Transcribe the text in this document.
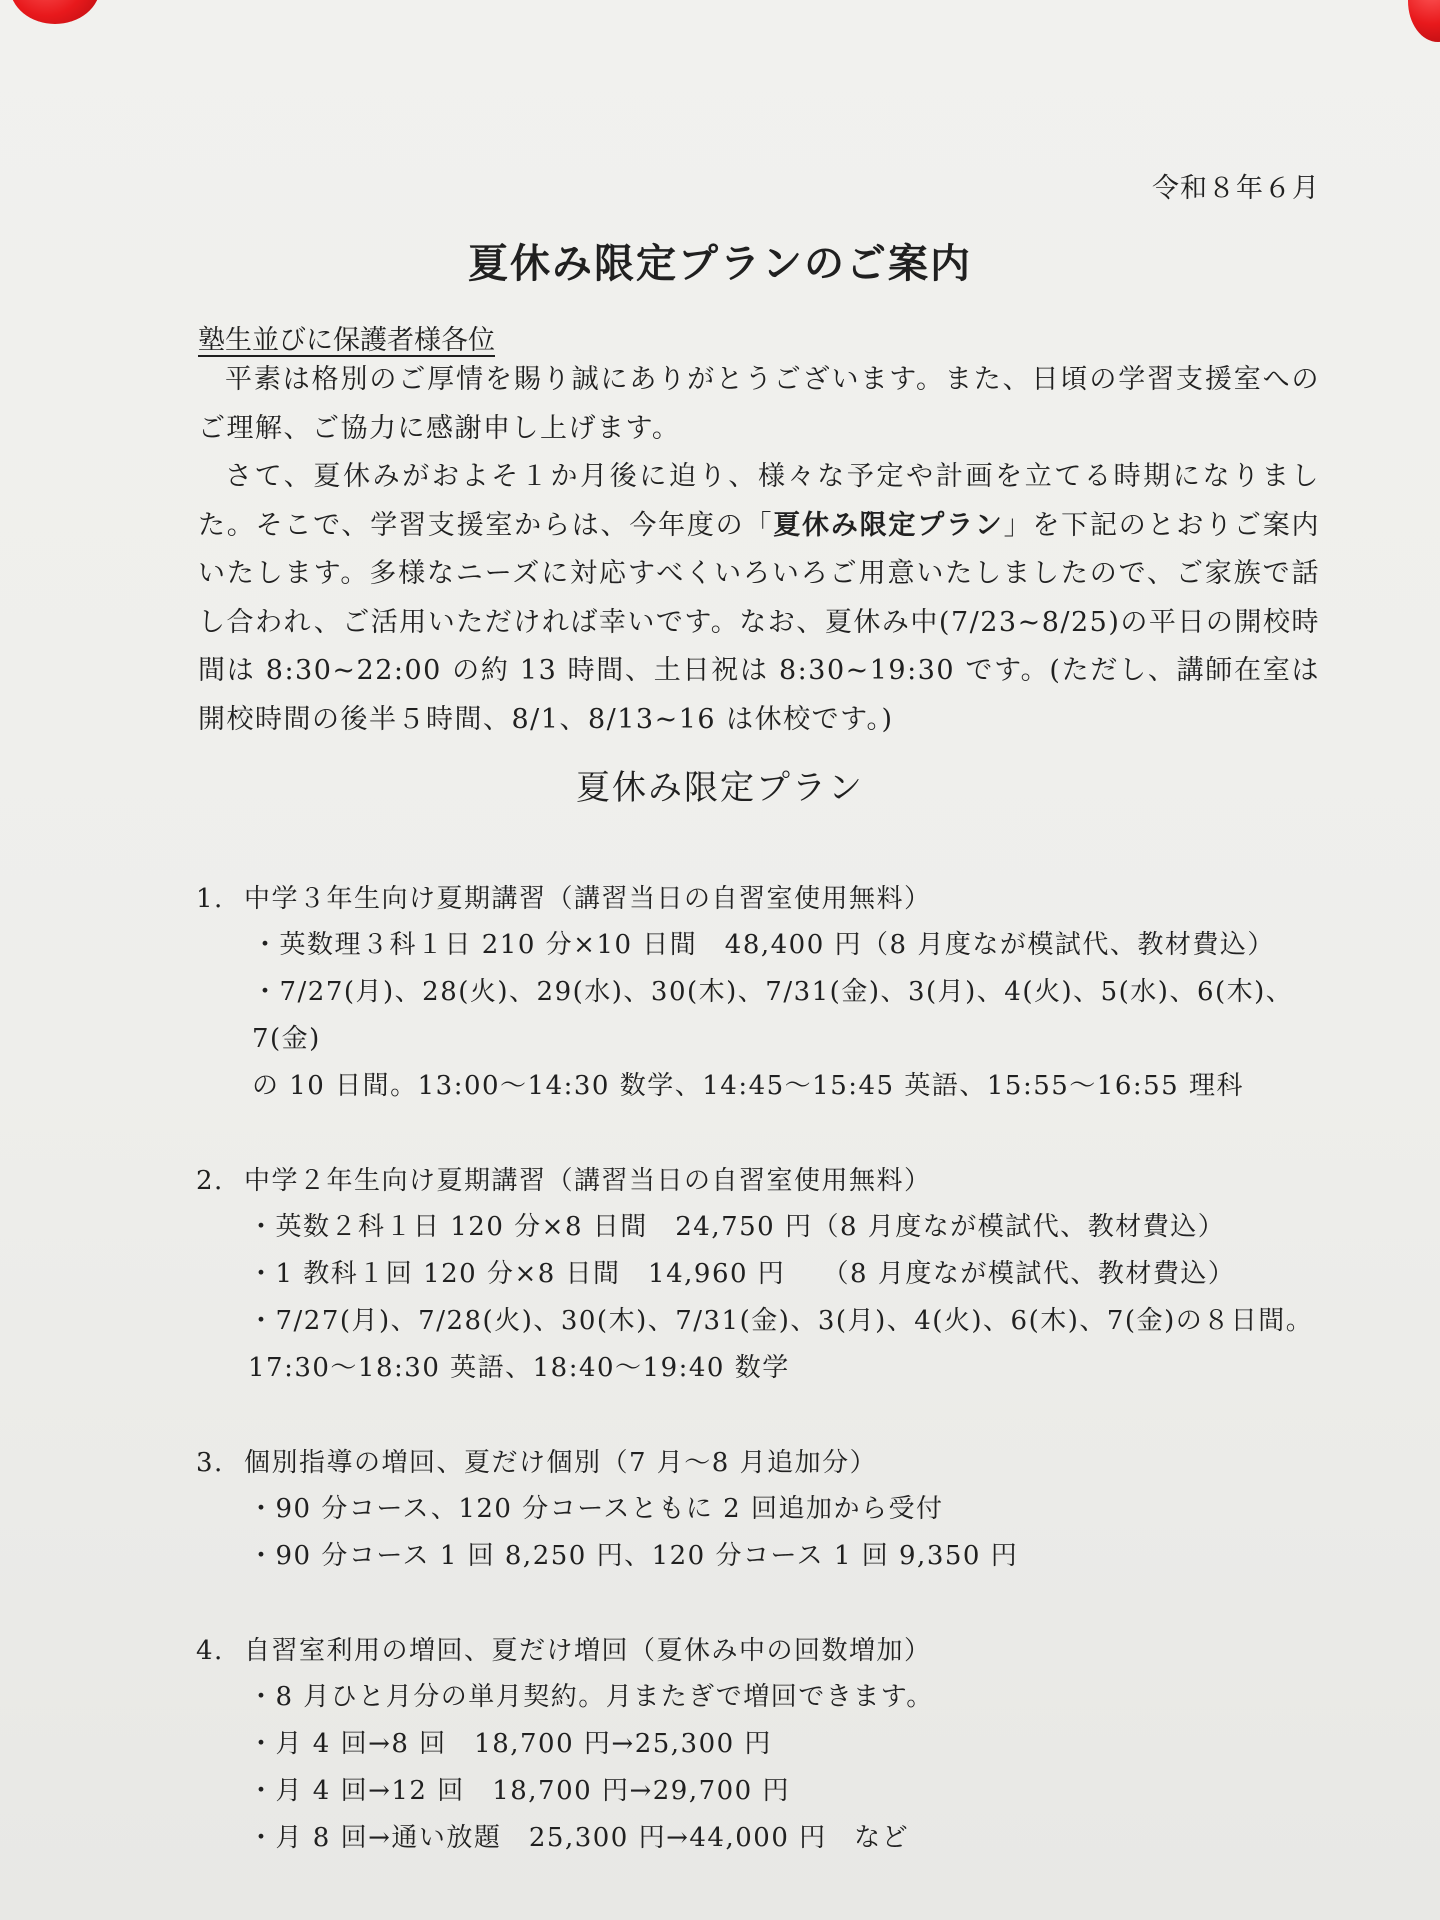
令和８年６月
夏休み限定プランのご案内
塾生並びに保護者様各位

平素は格別のご厚情を賜り誠にありがとうございます。また、日頃の学習支援室へのご理解、ご協力に感謝申し上げます。

さて、夏休みがおよそ１か月後に迫り、様々な予定や計画を立てる時期になりました。そこで、学習支援室からは、今年度の「夏休み限定プラン」を下記のとおりご案内いたします。多様なニーズに対応すべくいろいろご用意いたしましたので、ご家族で話し合われ、ご活用いただければ幸いです。なお、夏休み中(7/23~8/25)の平日の開校時間は 8:30~22:00 の約 13 時間、土日祝は 8:30~19:30 です。(ただし、講師在室は開校時間の後半５時間、8/1、8/13~16 は休校です。)

夏休み限定プラン
1. 中学３年生向け夏期講習（講習当日の自習室使用無料）
・英数理３科１日 210 分×10 日間　48,400 円（8 月度なが模試代、教材費込）
・7/27(月)、28(火)、29(水)、30(木)、7/31(金)、3(月)、4(火)、5(水)、6(木)、7(金)
の 10 日間。13:00～14:30 数学、14:45～15:45 英語、15:55～16:55 理科
2. 中学２年生向け夏期講習（講習当日の自習室使用無料）
・英数２科１日 120 分×8 日間　24,750 円（8 月度なが模試代、教材費込）
・1 教科１回 120 分×8 日間　14,960 円　 （8 月度なが模試代、教材費込）
・7/27(月)、7/28(火)、30(木)、7/31(金)、3(月)、4(火)、6(木)、7(金)の８日間。
17:30～18:30 英語、18:40～19:40 数学
3. 個別指導の増回、夏だけ個別（7 月～8 月追加分）
・90 分コース、120 分コースともに 2 回追加から受付
・90 分コース 1 回 8,250 円、120 分コース 1 回 9,350 円
4. 自習室利用の増回、夏だけ増回（夏休み中の回数増加）
・8 月ひと月分の単月契約。月またぎで増回できます。
・月 4 回→8 回　18,700 円→25,300 円
・月 4 回→12 回　18,700 円→29,700 円
・月 8 回→通い放題　25,300 円→44,000 円　など
